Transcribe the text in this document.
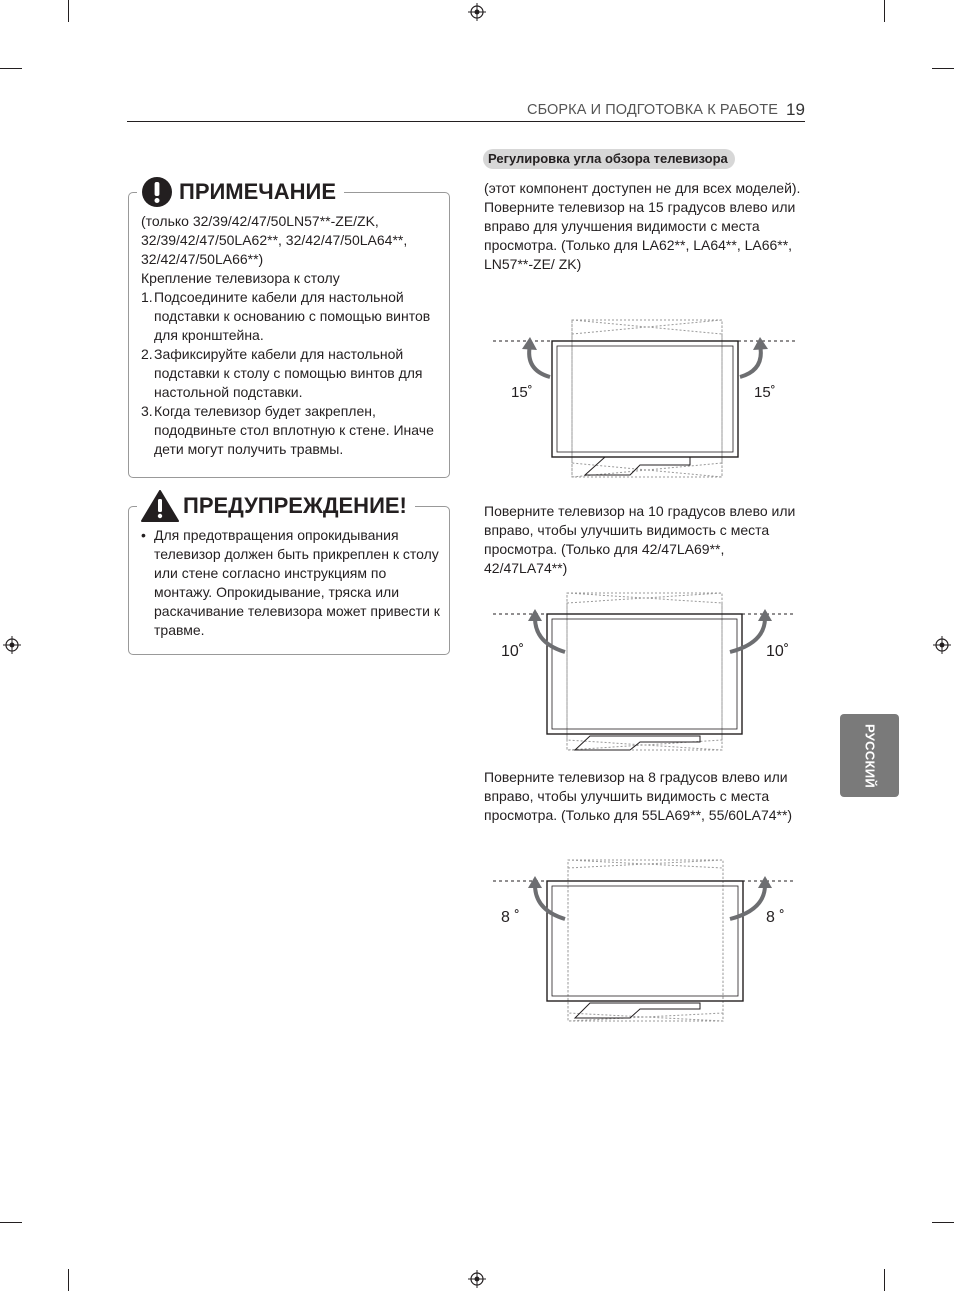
СБОРКА И ПОДГОТОВКА К РАБОТЕ 19
ПРИМЕЧАНИЕ
(только 32/39/42/47/50LN57**-ZE/ZK, 32/39/42/47/50LA62**, 32/42/47/50LA64**, 32/42/47/50LA66**)
Крепление телевизора к столу
1. Подсоедините кабели для настольной подставки к основанию с помощью винтов для кронштейна.
2. Зафиксируйте кабели для настольной подставки к столу с помощью винтов для настольной подставки.
3. Когда телевизор будет закреплен, пододвиньте стол вплотную к стене. Иначе дети могут получить травмы.
ПРЕДУПРЕЖДЕНИЕ!
• Для предотвращения опрокидывания телевизор должен быть прикреплен к столу или стене согласно инструкциям по монтажу. Опрокидывание, тряска или раскачивание телевизора может привести к травме.
Регулировка угла обзора телевизора
(этот компонент доступен не для всех моделей). Поверните телевизор на 15 градусов влево или вправо для улучшения видимости с места просмотра. (Только для LA62**, LA64**, LA66**, LN57**-ZE/ ZK)
15˚	15˚
Поверните телевизор на 10 градусов влево или вправо, чтобы улучшить видимость с места просмотра. (Только для 42/47LA69**, 42/47LA74**)
10˚	10˚
Поверните телевизор на 8 градусов влево или вправо, чтобы улучшить видимость с места просмотра. (Только для 55LA69**, 55/60LA74**)
8 ˚	8 ˚
РУССКИЙ
